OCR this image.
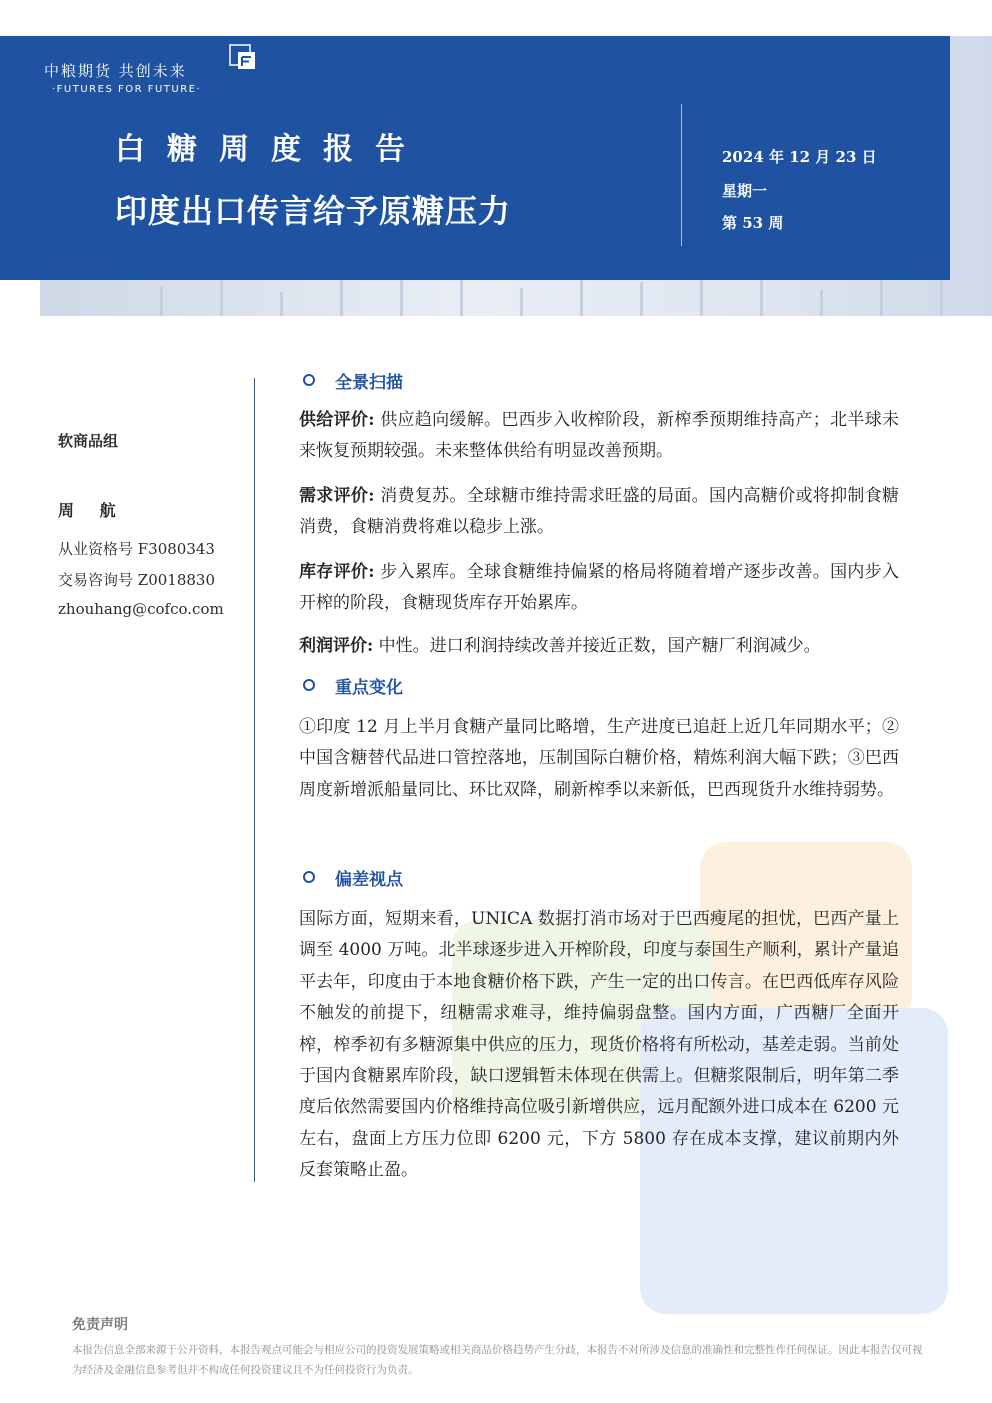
中粮期货 共创未来
·FUTURES FOR FUTURE·
白糖周度报告
印度出口传言给予原糖压力
2024 年 12 月 23 日
星期一
第 53 周
软商品组
周 航
从业资格号 F3080343
交易咨询号 Z0018830
zhouhang@cofco.com
全景扫描

供给评价: 供应趋向缓解。巴西步入收榨阶段，新榨季预期维持高产；北半球未来恢复预期较强。未来整体供给有明显改善预期。

需求评价: 消费复苏。全球糖市维持需求旺盛的局面。国内高糖价或将抑制食糖消费，食糖消费将难以稳步上涨。

库存评价: 步入累库。全球食糖维持偏紧的格局将随着增产逐步改善。国内步入开榨的阶段，食糖现货库存开始累库。

利润评价: 中性。进口利润持续改善并接近正数，国产糖厂利润减少。

重点变化

①印度 12 月上半月食糖产量同比略增，生产进度已追赶上近几年同期水平；②中国含糖替代品进口管控落地，压制国际白糖价格，精炼利润大幅下跌；③巴西周度新增派船量同比、环比双降，刷新榨季以来新低，巴西现货升水维持弱势。

偏差视点

国际方面，短期来看，UNICA 数据打消市场对于巴西瘦尾的担忧，巴西产量上调至 4000 万吨。北半球逐步进入开榨阶段，印度与泰国生产顺利，累计产量追平去年，印度由于本地食糖价格下跌，产生一定的出口传言。在巴西低库存风险不触发的前提下，纽糖需求难寻，维持偏弱盘整。国内方面，广西糖厂全面开榨，榨季初有多糖源集中供应的压力，现货价格将有所松动，基差走弱。当前处于国内食糖累库阶段，缺口逻辑暂未体现在供需上。但糖浆限制后，明年第二季度后依然需要国内价格维持高位吸引新增供应，远月配额外进口成本在 6200 元左右，盘面上方压力位即 6200 元，下方 5800 存在成本支撑，建议前期内外反套策略止盈。

免责声明

本报告信息全部来源于公开资料，本报告观点可能会与相应公司的投资发展策略或相关商品价格趋势产生分歧，本报告不对所涉及信息的准确性和完整性作任何保证。因此本报告仅可视为经济及金融信息参考但并不构成任何投资建议且不为任何投资行为负责。
